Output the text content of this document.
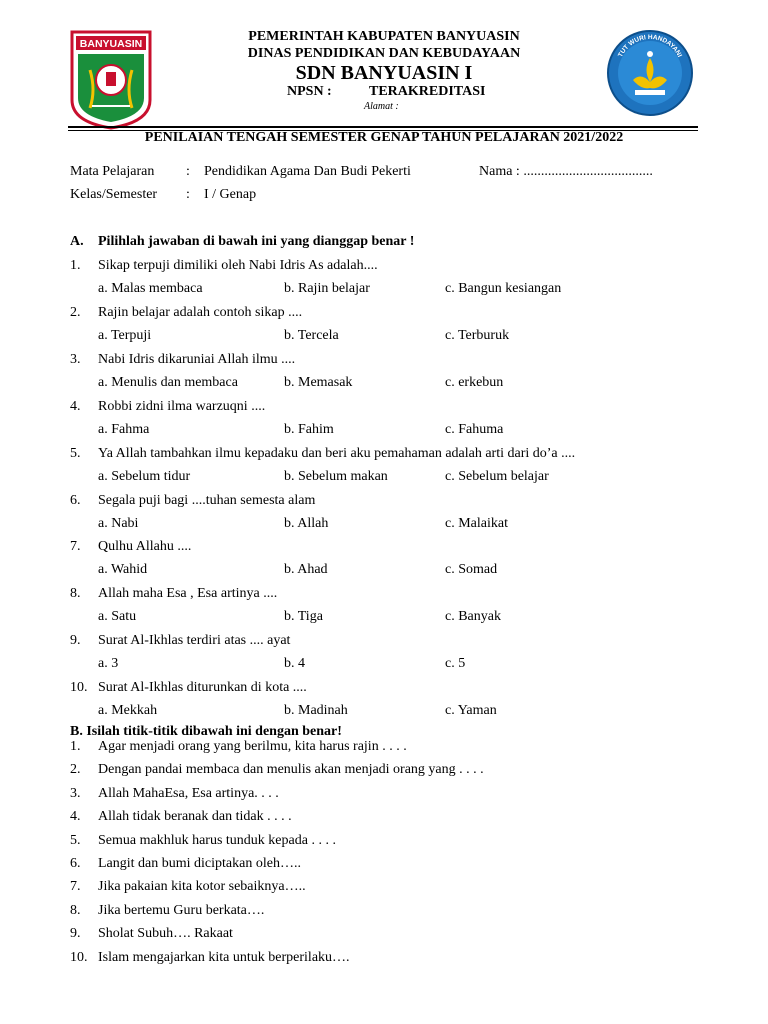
BANYUASIN
TUT WURI HANDAYANI
PEMERINTAH KABUPATEN BANYUASIN
DINAS PENDIDIKAN DAN KEBUDAYAAN
SDN BANYUASIN I
NPSN :	TERAKREDITASI
Alamat :
PENILAIAN TENGAH SEMESTER GENAP TAHUN PELAJARAN 2021/2022
Mata Pelajaran : Pendidikan Agama Dan Budi Pekerti	Nama : .....................................
Kelas/Semester : I / Genap
A. Pilihlah jawaban di bawah ini yang dianggap benar !
1. Sikap terpuji dimiliki oleh Nabi Idris As adalah....
a. Malas membaca	b. Rajin belajar	c. Bangun kesiangan
2. Rajin belajar adalah contoh sikap ....
a. Terpuji	b. Tercela	c. Terburuk
3. Nabi Idris dikaruniai Allah ilmu ....
a. Menulis dan membaca	b. Memasak	c. erkebun
4. Robbi zidni ilma warzuqni ....
a. Fahma	b. Fahim	c. Fahuma
5. Ya Allah tambahkan ilmu kepadaku dan beri aku pemahaman adalah arti dari do’a ....
a. Sebelum tidur	b. Sebelum makan	c. Sebelum belajar
6. Segala puji bagi ....tuhan semesta alam
a. Nabi	b. Allah	c. Malaikat
7. Qulhu Allahu ....
a. Wahid	b. Ahad	c. Somad
8. Allah maha Esa , Esa artinya ....
a. Satu	b. Tiga	c. Banyak
9. Surat Al-Ikhlas terdiri atas .... ayat
a. 3	b. 4	c. 5
10. Surat Al-Ikhlas diturunkan di kota ....
a. Mekkah	b. Madinah	c. Yaman
B. Isilah titik-titik dibawah ini dengan benar!
1. Agar menjadi orang yang berilmu, kita harus rajin . . . .
2. Dengan pandai membaca dan menulis akan menjadi orang yang . . . .
3. Allah MahaEsa, Esa artinya. . . .
4. Allah tidak beranak dan tidak . . . .
5. Semua makhluk harus tunduk kepada . . . .
6. Langit dan bumi diciptakan oleh…..
7. Jika pakaian kita kotor sebaiknya…..
8. Jika bertemu Guru berkata….
9. Sholat Subuh…. Rakaat
10. Islam mengajarkan kita untuk berperilaku….
